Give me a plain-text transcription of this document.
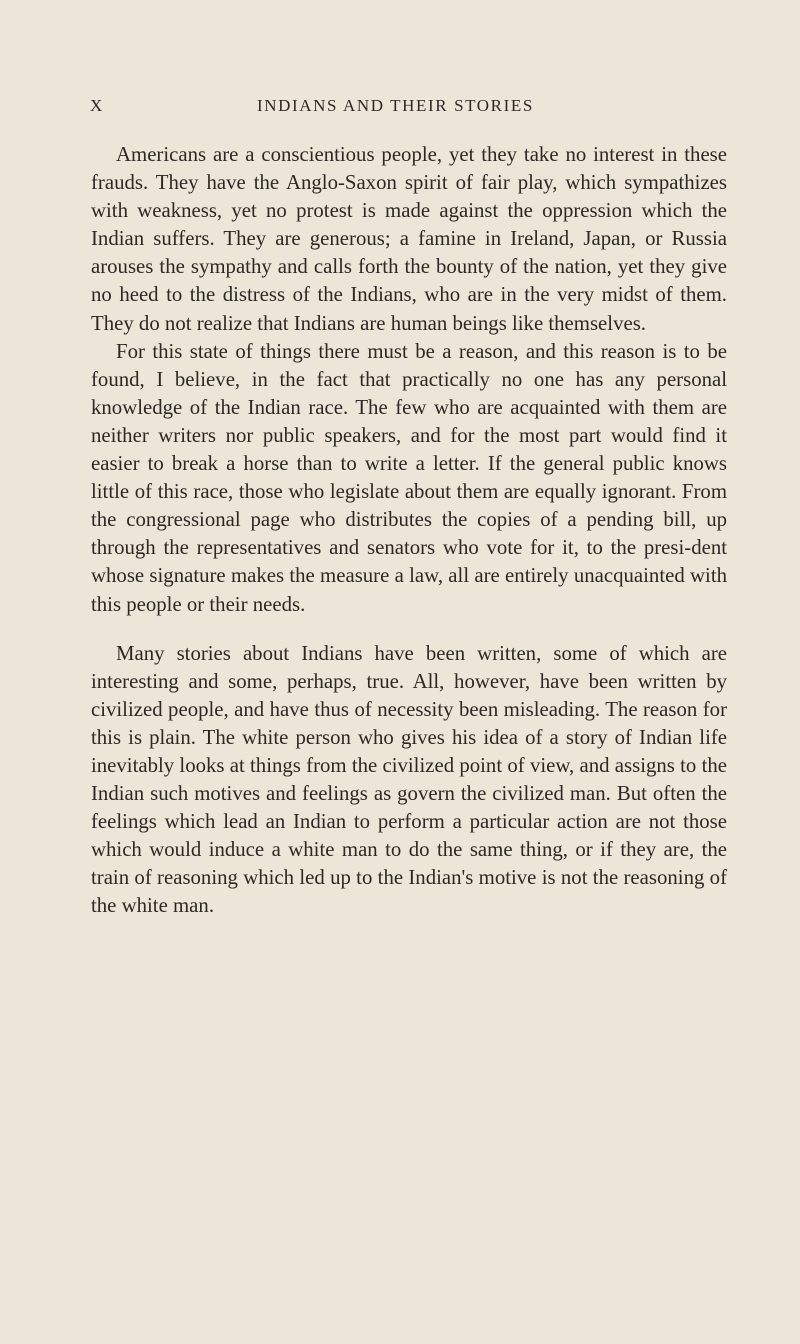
X	INDIANS AND THEIR STORIES

Americans are a conscientious people, yet they take no interest in these frauds. They have the Anglo-Saxon spirit of fair play, which sympathizes with weakness, yet no protest is made against the oppression which the Indian suffers. They are generous; a famine in Ireland, Japan, or Russia arouses the sympathy and calls forth the bounty of the nation, yet they give no heed to the distress of the Indians, who are in the very midst of them. They do not realize that Indians are human beings like themselves.

For this state of things there must be a reason, and this reason is to be found, I believe, in the fact that practically no one has any personal knowledge of the Indian race. The few who are acquainted with them are neither writers nor public speakers, and for the most part would find it easier to break a horse than to write a letter. If the general public knows little of this race, those who legislate about them are equally ignorant. From the congressional page who distributes the copies of a pending bill, up through the representatives and senators who vote for it, to the presi-dent whose signature makes the measure a law, all are entirely unacquainted with this people or their needs.

Many stories about Indians have been written, some of which are interesting and some, perhaps, true. All, however, have been written by civilized people, and have thus of necessity been misleading. The reason for this is plain. The white person who gives his idea of a story of Indian life inevitably looks at things from the civilized point of view, and assigns to the Indian such motives and feelings as govern the civilized man. But often the feelings which lead an Indian to perform a particular action are not those which would induce a white man to do the same thing, or if they are, the train of reasoning which led up to the Indian's motive is not the reasoning of the white man.
